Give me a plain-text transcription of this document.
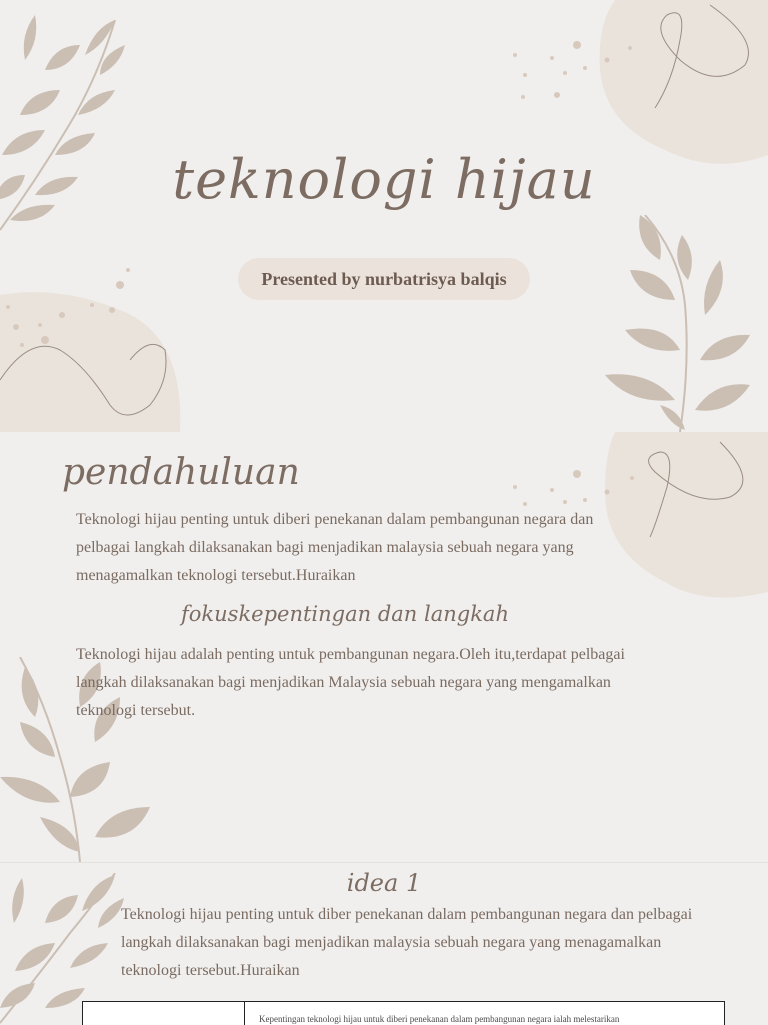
teknologi hijau
Presented by nurbatrisya balqis
pendahuluan

Teknologi hijau penting untuk diberi penekanan dalam pembangunan negara dan pelbagai langkah dilaksanakan bagi menjadikan malaysia sebuah negara yang menagamalkan teknologi tersebut.Huraikan

fokuskepentingan dan langkah

Teknologi hijau adalah penting untuk pembangunan negara.Oleh itu,terdapat pelbagai langkah dilaksanakan bagi menjadikan Malaysia sebuah negara yang mengamalkan teknologi tersebut.

idea 1

Teknologi hijau penting untuk diber penekanan dalam pembangunan negara dan pelbagai langkah dilaksanakan bagi menjadikan malaysia sebuah negara yang menagamalkan teknologi tersebut.Huraikan

	Kepentingan teknologi hijau untuk diberi penekanan dalam pembangunan negara ialah melestarikan
